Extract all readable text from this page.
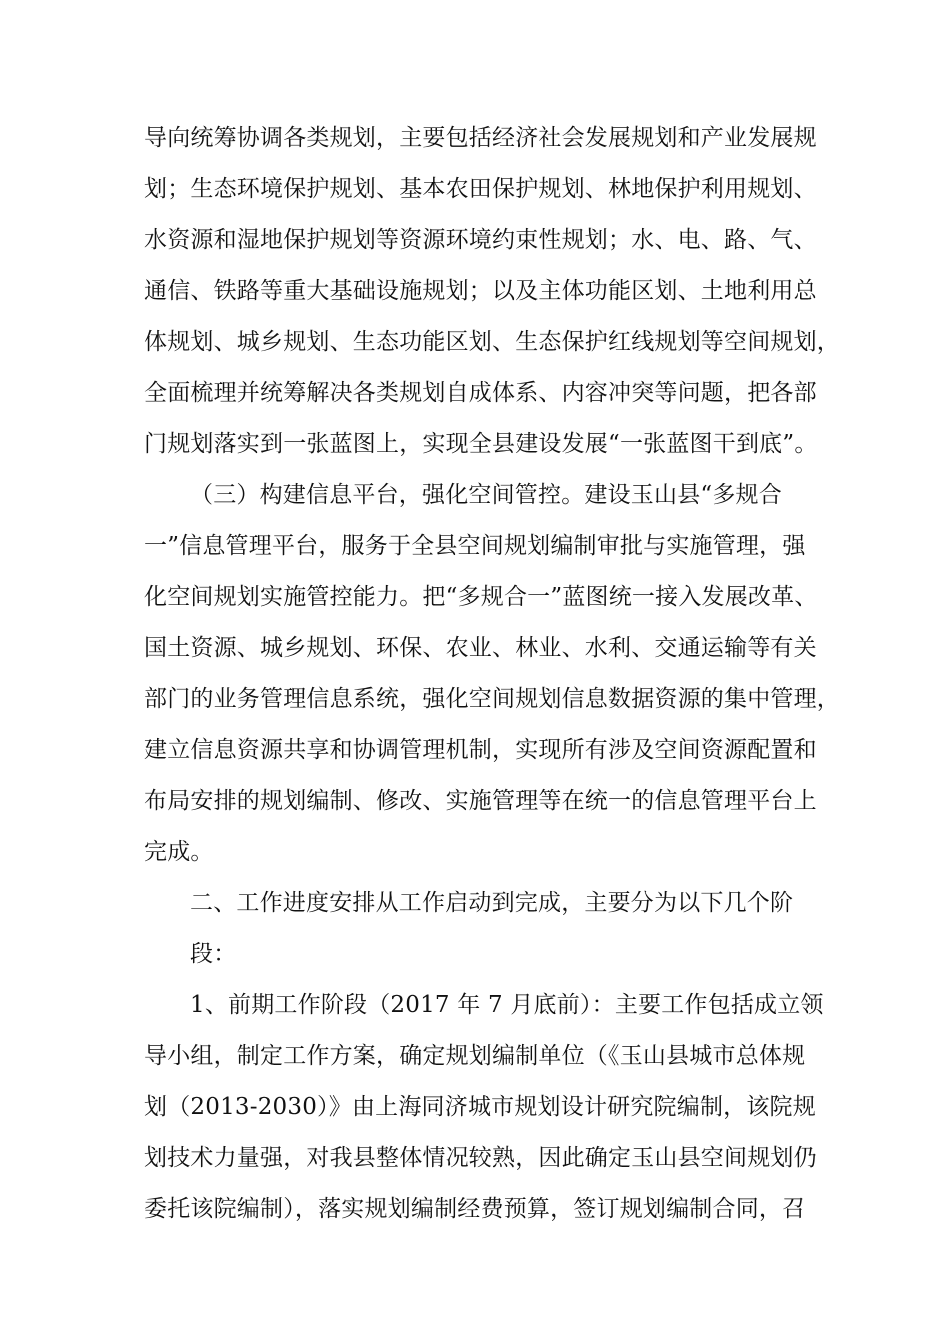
导向统筹协调各类规划，主要包括经济社会发展规划和产业发展规
划；生态环境保护规划、基本农田保护规划、林地保护利用规划、
水资源和湿地保护规划等资源环境约束性规划；水、电、路、气、
通信、铁路等重大基础设施规划；以及主体功能区划、土地利用总
体规划、城乡规划、生态功能区划、生态保护红线规划等空间规划，
全面梳理并统筹解决各类规划自成体系、内容冲突等问题，把各部
门规划落实到一张蓝图上，实现全县建设发展“一张蓝图干到底”。
（三）构建信息平台，强化空间管控。建设玉山县“多规合
一”信息管理平台，服务于全县空间规划编制审批与实施管理，强
化空间规划实施管控能力。把“多规合一”蓝图统一接入发展改革、
国土资源、城乡规划、环保、农业、林业、水利、交通运输等有关
部门的业务管理信息系统，强化空间规划信息数据资源的集中管理，
建立信息资源共享和协调管理机制，实现所有涉及空间资源配置和
布局安排的规划编制、修改、实施管理等在统一的信息管理平台上
完成。
二、工作进度安排从工作启动到完成，主要分为以下几个阶
段：
1、前期工作阶段（2017 年 7 月底前）：主要工作包括成立领
导小组，制定工作方案，确定规划编制单位（《玉山县城市总体规
划（2013-2030）》由上海同济城市规划设计研究院编制，该院规
划技术力量强，对我县整体情况较熟，因此确定玉山县空间规划仍
委托该院编制），落实规划编制经费预算，签订规划编制合同，召
